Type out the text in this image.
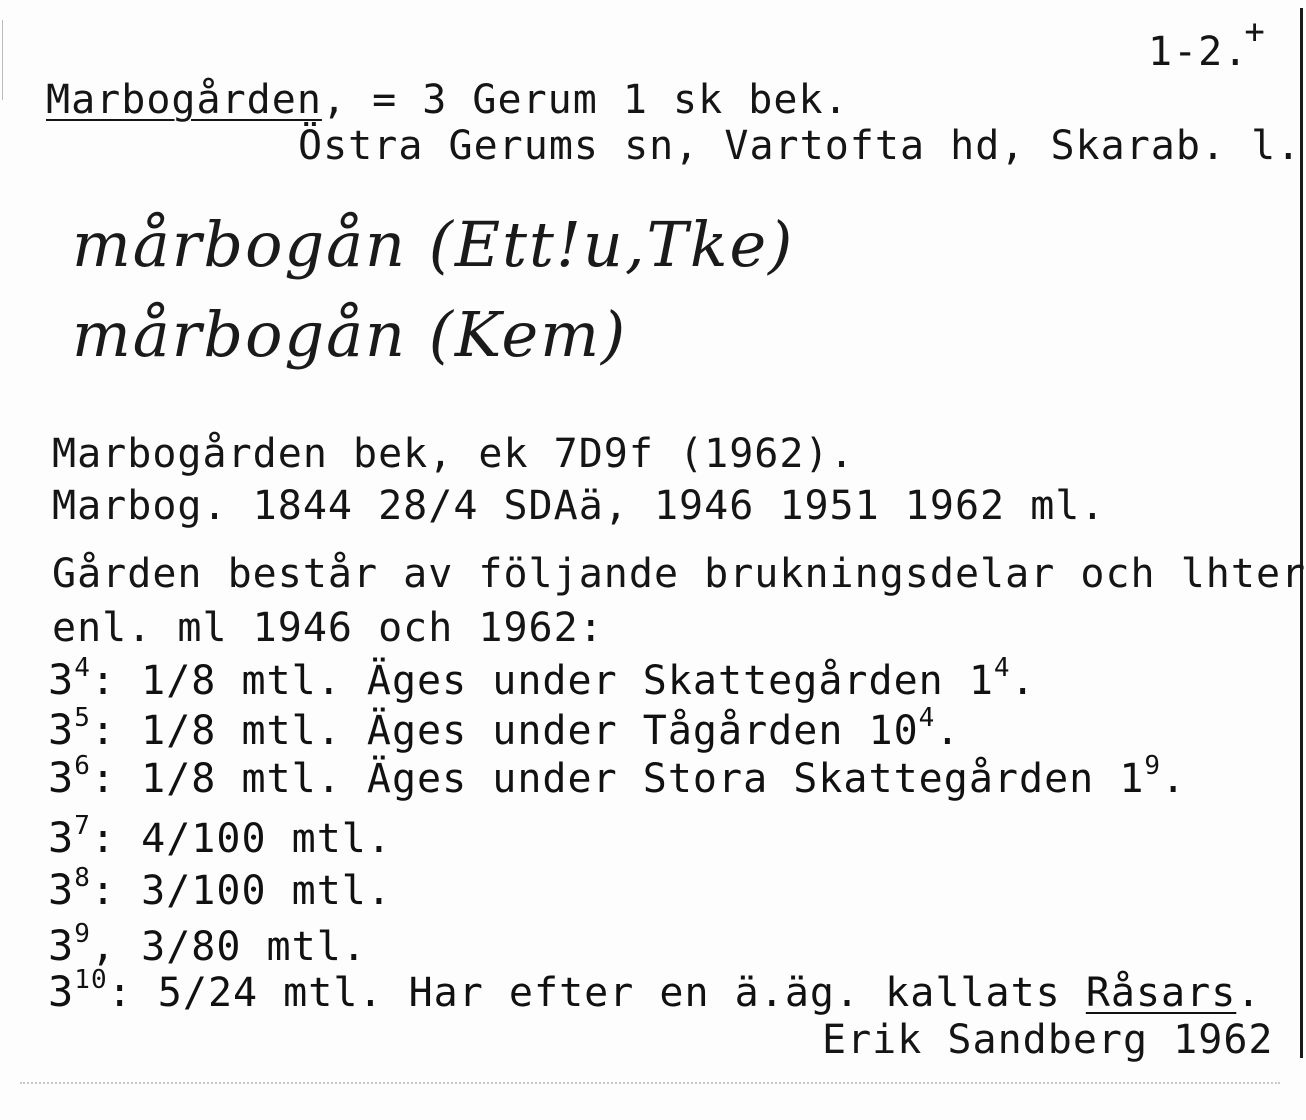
1-2.+
Marbogården, = 3 Gerum 1 sk bek.
Östra Gerums sn, Vartofta hd, Skarab. l.
mårbogån (Ett!u,Tke)
mårbogån (Kem)
Marbogården bek, ek 7D9f (1962).
Marbog. 1844 28/4 SDAä, 1946 1951 1962 ml.
Gården består av följande brukningsdelar och lhter
enl. ml 1946 och 1962:
$3^4$: 1/8 mtl. Äges under Skattegården $1^4$.
$3^5$: 1/8 mtl. Äges under Tågården $10^4$.
$3^6$: 1/8 mtl. Äges under Stora Skattegården $1^9$.
$3^7$: 4/100 mtl.
$3^8$: 3/100 mtl.
$3^9$, 3/80 mtl.
$3^{10}$: 5/24 mtl. Har efter en ä.äg. kallats Råsars.
Erik Sandberg 1962
